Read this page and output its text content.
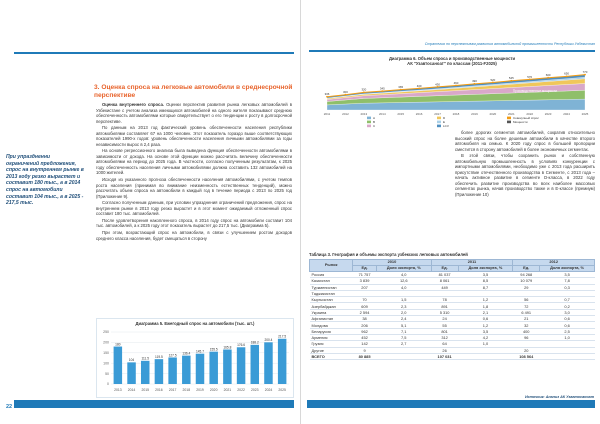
3. Оценка спроса на легковые автомобили в среднесрочной перспективе
При упраздненни ограничений предложения, спрос на внутреннем рынке в 2013 году резко вырастет и составит 180 тыс., а в 2014 спрос на автомобили составит 104 тыс., а в 2025 - 217,5 тыс.

Оценка внутреннего спроса. Оценки перспектив развития рынка легковых автомобилей в Узбекистане с учетом анализа имеющихся автомобилей на одного жителя показывают среднюю обеспеченность автомобилями которые свидетельствует о его тенденции к росту в долгосрочной перспективе.

По данным на 2013 год фактический уровень обеспеченности населения республики автомобилями составляет 67 на 1000 человек. Этот показатель гораздо выше соответствующих показателей 1990-х годов: уровень обеспеченности населения личными автомобилями за годы независимости вырос в 2,4 раза.

На основе регрессионного анализа была выведена функция обеспеченности автомобилями в зависимости от дохода. На основе этой функции можно рассчитать величину обеспеченности автомобилями на период до 2025 года. В частности, согласно полученным результатам, к 2025 году обеспеченность населения личными автомобилями должна составить 132 автомобилей на 1000 жителей.

Исходя из указанного прогноза обеспеченности населения автомобилями, с учетом темпов роста населения (принимая во внимание неизменность естественных тенденций), можно рассчитать объем спроса на автомобили в каждый год в течение периода с 2013 по 2025 год (Приложение 9).

Согласно полученным данным, при условии упразднения ограничений предложения, спрос на внутреннем рынке в 2013 году резко вырастет и в этот момент ожидаемый отложенный спрос составит 180 тыс. автомобилей.

После удовлетворения накопленного спроса, в 2014 году спрос на автомобили составит 104 тыс. автомобилей, а к 2025 году этот показатель вырастет до 217,5 тыс. (Диаграмма 5).

При этом, возрастающий спрос на автомобили, в связи с улучшением ростом доходов среднего класса населения, будет смещаться в сторону

Диаграмма 5. Ежегодный спрос на автомобили (тыс. шт.)
0
50
100
150
200
250
180
2013
104
2014
111.5
2015
119.5
2016
127.5
2017
136.4
2018
145.7
2019
155.5
2020
165.8
2021
176.6
2022
188.2
2023
200.4
2024
217.5
2025
22
Стратегия по перспективам развития автомобильной промышленности Республики Узбекистан
Диаграмма 6. Объем спроса и производственные мощности
АК "Узавтосаноат" по классам (2011-F2025)
336
2011
300
2012
320
2013
345
2014
365
2015
400
2016
430
2017
460
2018
490
2019
520
2020
545
2021
570
2022
600
2023
650
2024
770
2025
Производственные мощности
A
B
C
D
E
LCV
Совокупный спрос
Мощности

более дорогих сегментов автомобилей, сократив относительно высокий спрос на более дешевые автомобили в качестве второго автомобиля на семью. К 2020 году спрос в большей пропорции сместится в сторону автомобилей в более экономичных сегментах.

В этой связи, чтобы сохранить рынок и собственную автомобильную промышленность в условиях конкуренции с импортными автомобилями, необходимо уже с 2013 года расширить присутствие отечественного производства в Сегменте, с 2013 года – начать активное развитие в сегменте D-класса, в 2022 году обеспечить развитие производства во всех наиболее массовых сегментах рынка, начав производство также и в Е-классе (премиум) (Приложение 10)

Таблица 3. География и объемы экспорта узбекских легковых автомобилей
Рынок	2010		2011		2012	
	Ед.	Доля экспорта, %	Ед.	Доля экспорта, %	Ед.	Доля экспорта, %
Россия	71 757	4,0	81 037	3,5	94 268	3,5
Казахстан	3 839	12,6	8 061	8,5	10 079	7,8
Туркменистан	207	4,0	449	8,7	29	0,3
Таджикистан						
Кыргызстан	70	1,5	78	1,2	56	0,7
Азербайджан	609	2,3	891	1,8	72	0,2
Украина	2 594	2,0	5 310	2,1	6 491	3,0
Афганистан	38	2,4	24	0,6	21	0,6
Молдова	206	5,1	55	1,2	32	0,6
Беларусия	962	7,1	801	3,5	400	2,5
Армения	452	7,5	312	4,2	96	1,0
Грузия	142	2,7	64	1,0		
Другие	9		26		20	
ВСЕГО	80 885		107 031		108 564	
Источник: Анализ АК Узавтосаноат
23
